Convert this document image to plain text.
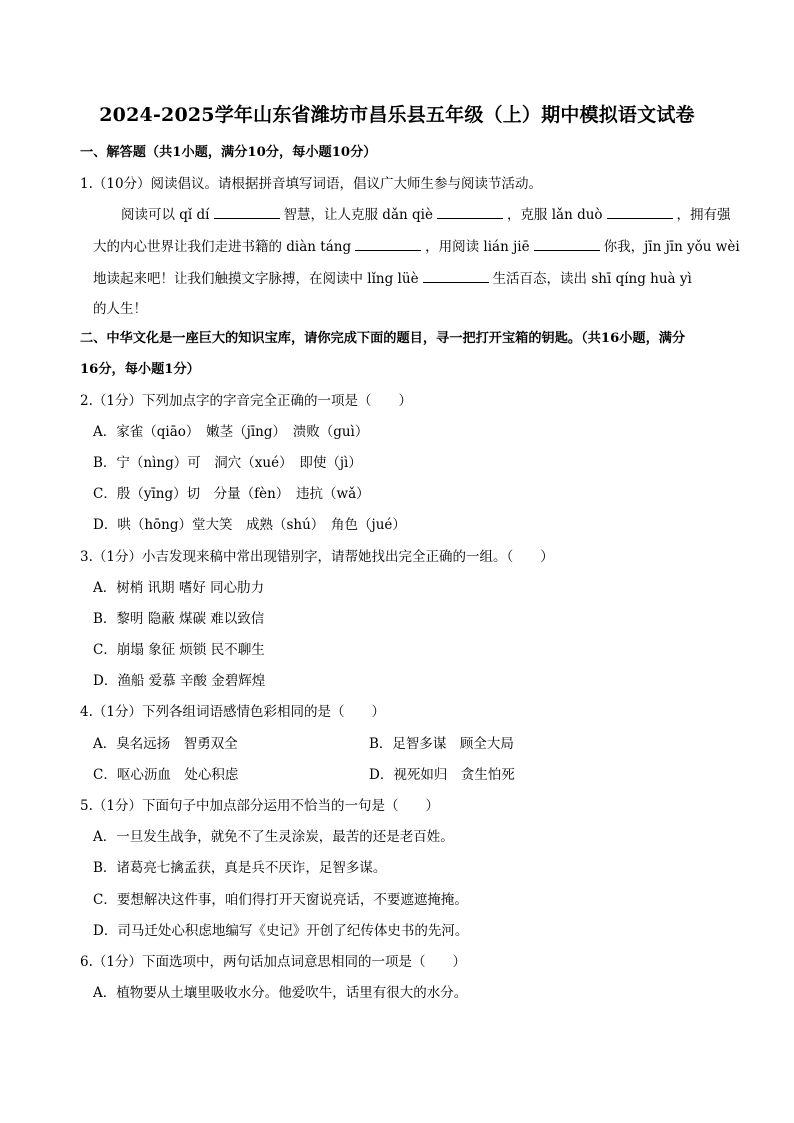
2024-2025学年山东省潍坊市昌乐县五年级（上）期中模拟语文试卷
一、解答题（共1小题，满分10分，每小题10分）
1.（10分）阅读倡议。请根据拼音填写词语，倡议广大师生参与阅读节活动。
阅读可以 qǐ dí	智慧，让人克服 dǎn qiè	，克服 lǎn duò	，拥有强
大的内心世界让我们走进书籍的 diàn táng	，用阅读 lián jiē	你我，jīn jīn yǒu wèi
地读起来吧！让我们触摸文字脉搏，在阅读中 lǐng lüè	生活百态，读出 shī qíng huà yì
的人生！
二、中华文化是一座巨大的知识宝库，请你完成下面的题目，寻一把打开宝箱的钥匙。（共16小题，满分
16分，每小题1分）
2.（1分）下列加点字的字音完全正确的一项是（　　）
A．家雀（qiāo）　嫩茎（jīng）　溃败（guì）
B．宁（nìng）可　洞穴（xué）　即使（jì）
C．殷（yīng）切　分量（fèn）　违抗（wǎ）
D．哄（hōng）堂大笑　成熟（shú）　角色（jué）
3.（1分）小吉发现来稿中常出现错别字，请帮她找出完全正确的一组。（　　）
A．树梢 讯期 嗜好 同心肋力
B．黎明 隐蔽 煤碳 难以致信
C．崩塌 象征 烦锁 民不聊生
D．渔船 爱慕 辛酸 金碧辉煌
4.（1分）下列各组词语感情色彩相同的是（　　）
A．臭名远扬　智勇双全	B．足智多谋　顾全大局
C．呕心沥血　处心积虑	D．视死如归　贪生怕死
5.（1分）下面句子中加点部分运用不恰当的一句是（　　）
A．一旦发生战争，就免不了生灵涂炭，最苦的还是老百姓。
B．诸葛亮七擒孟获，真是兵不厌诈，足智多谋。
C．要想解决这件事，咱们得打开天窗说亮话，不要遮遮掩掩。
D．司马迁处心积虑地编写《史记》开创了纪传体史书的先河。
6.（1分）下面选项中，两句话加点词意思相同的一项是（　　）
A．植物要从土壤里吸收水分。他爱吹牛，话里有很大的水分。
